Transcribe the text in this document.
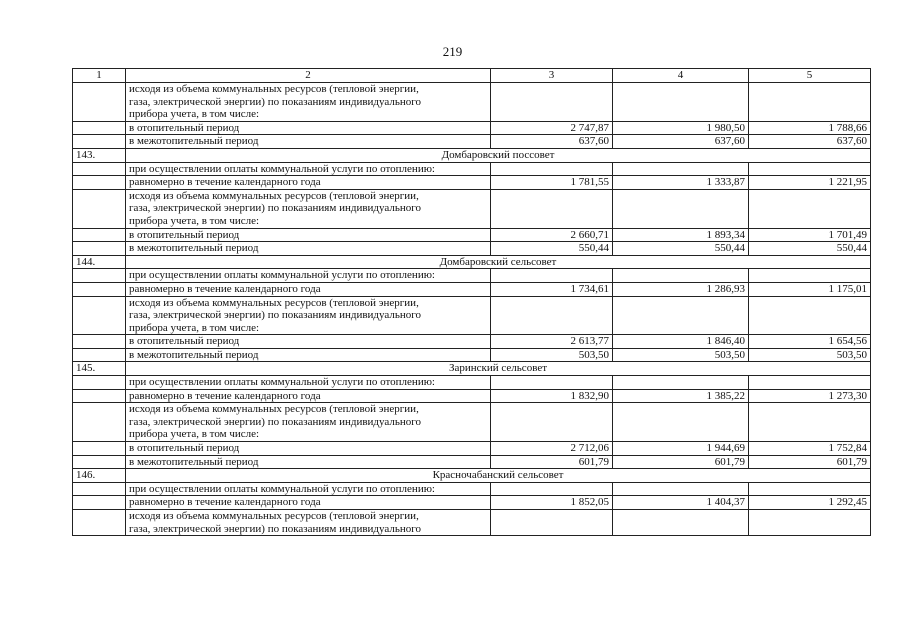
219
1	2	3	4	5

	исходя из объема коммунальных ресурсов (тепловой энергии,
газа, электрической энергии) по показаниям индивидуального
прибора учета, в том числе:			

	в отопительный период	2 747,87	1 980,50	1 788,66
	в межотопительный период	637,60	637,60	637,60
143.	Домбаровский поссовет			
	при осуществлении оплаты коммунальной услуги по отоплению:			
	равномерно в течение календарного года	1 781,55	1 333,87	1 221,95

	исходя из объема коммунальных ресурсов (тепловой энергии,
газа, электрической энергии) по показаниям индивидуального
прибора учета, в том числе:			

	в отопительный период	2 660,71	1 893,34	1 701,49
	в межотопительный период	550,44	550,44	550,44
144.	Домбаровский сельсовет			
	при осуществлении оплаты коммунальной услуги по отоплению:			
	равномерно в течение календарного года	1 734,61	1 286,93	1 175,01

	исходя из объема коммунальных ресурсов (тепловой энергии,
газа, электрической энергии) по показаниям индивидуального
прибора учета, в том числе:			

	в отопительный период	2 613,77	1 846,40	1 654,56
	в межотопительный период	503,50	503,50	503,50
145.	Заринский сельсовет			
	при осуществлении оплаты коммунальной услуги по отоплению:			
	равномерно в течение календарного года	1 832,90	1 385,22	1 273,30

	исходя из объема коммунальных ресурсов (тепловой энергии,
газа, электрической энергии) по показаниям индивидуального
прибора учета, в том числе:			

	в отопительный период	2 712,06	1 944,69	1 752,84
	в межотопительный период	601,79	601,79	601,79
146.	Красночабанский сельсовет			
	при осуществлении оплаты коммунальной услуги по отоплению:			
	равномерно в течение календарного года	1 852,05	1 404,37	1 292,45

	исходя из объема коммунальных ресурсов (тепловой энергии,
газа, электрической энергии) по показаниям индивидуального			
